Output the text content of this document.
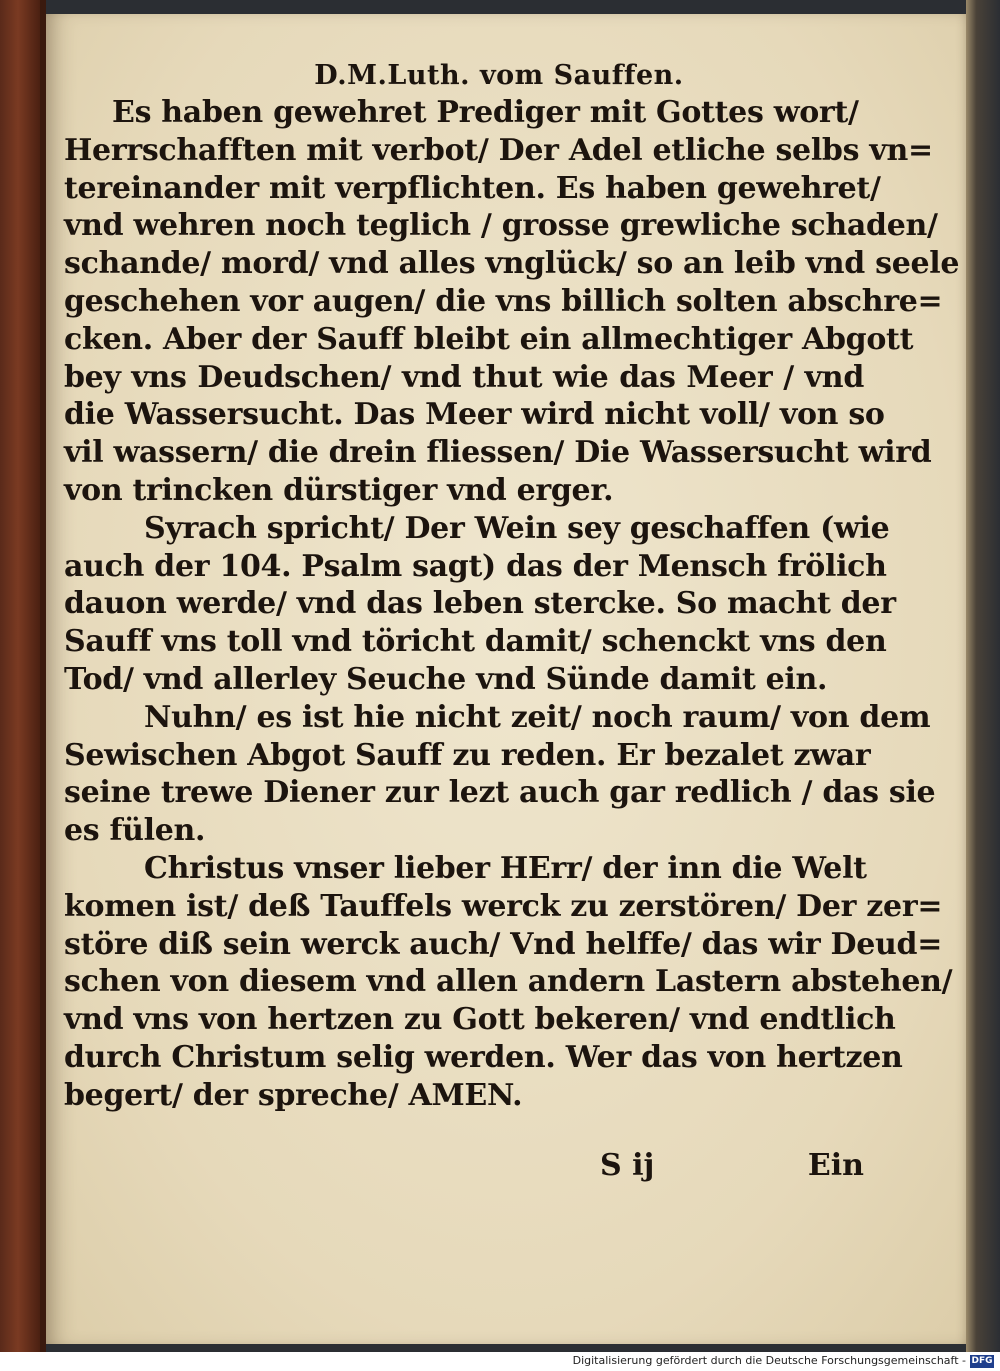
D.M.Luth. vom Sauffen.
Es haben gewehret Prediger mit Gottes wort/
Herrschafften mit verbot/ Der Adel etliche selbs vn=
tereinander mit verpflichten. Es haben gewehret/
vnd wehren noch teglich / grosse grewliche schaden/
schande/ mord/ vnd alles vnglück/ so an leib vnd seele
geschehen vor augen/ die vns billich solten abschre=
cken. Aber der Sauff bleibt ein allmechtiger Abgott
bey vns Deudschen/ vnd thut wie das Meer / vnd
die Wassersucht. Das Meer wird nicht voll/ von so
vil wassern/ die drein fliessen/ Die Wassersucht wird
von trincken dürstiger vnd erger.
Syrach spricht/ Der Wein sey geschaffen (wie
auch der 104. Psalm sagt) das der Mensch frölich
dauon werde/ vnd das leben stercke. So macht der
Sauff vns toll vnd töricht damit/ schenckt vns den
Tod/ vnd allerley Seuche vnd Sünde damit ein.
Nuhn/ es ist hie nicht zeit/ noch raum/ von dem
Sewischen Abgot Sauff zu reden. Er bezalet zwar
seine trewe Diener zur lezt auch gar redlich / das sie
es fülen.
Christus vnser lieber HErr/ der inn die Welt
komen ist/ deß Tauffels werck zu zerstören/ Der zer=
störe diß sein werck auch/ Vnd helffe/ das wir Deud=
schen von diesem vnd allen andern Lastern abstehen/
vnd vns von hertzen zu Gott bekeren/ vnd endtlich
durch Christum selig werden. Wer das von hertzen
begert/ der spreche/ AMEN.
S ij	Ein
Digitalisierung gefördert durch die Deutsche Forschungsgemeinschaft - DFG
